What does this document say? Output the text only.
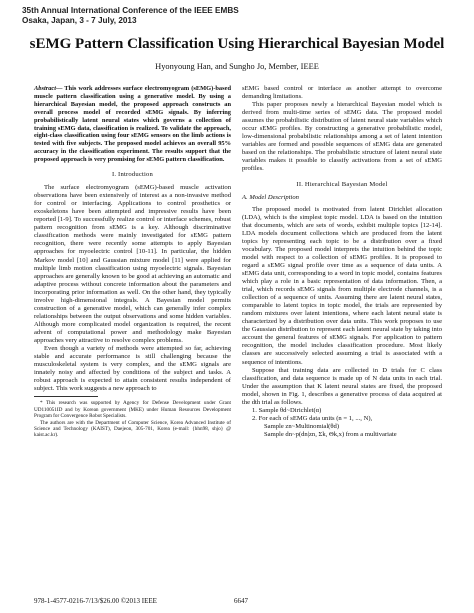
35th Annual International Conference of the IEEE EMBS
Osaka, Japan, 3 - 7 July, 2013
sEMG Pattern Classification Using Hierarchical Bayesian Model
Hyonyoung Han, and Sungho Jo, Member, IEEE

Abstract— This work addresses surface electromyogram (sEMG)-based muscle pattern classification using a generative model. By using a hierarchical Bayesian model, the proposed approach constructs an overall process model of recorded sEMG signals. By inferring probabilistically latent neural states which governs a collection of training sEMG data, classification is realized. To validate the approach, eight-class classification using four sEMG sensors on the limb actions is tested with five subjects. The proposed model achieves an overall 95% accuracy in the classification experiment. The results support that the proposed approach is very promising for sEMG pattern classification.

I. Introduction

The surface electromyogram (sEMG)-based muscle activation observations have been extensively of interest as a non-invasive method for control or interfacing. Applications to control prosthetics or exoskeletons have been attempted and impressive results have been reported [1-9]. To successfully realize control or interface schemes, robust pattern recognition from sEMG is a key. Although discriminative classification methods were mainly investigated for sEMG pattern recognition, there were recently some attempts to apply Bayesian approaches for myoelectric control [10-11]. In particular, the hidden Markov model [10] and Gaussian mixture model [11] were applied for multiple limb motion classification using myoelectric signals. Bayesian approaches are generally known to be good at achieving an automatic and adaptive process without concrete information about the parameters and incorporating prior information as well. On the other hand, they typically involve high-dimensional integrals. A Bayesian model permits construction of a generative model, which can generally infer complex relationships between the output observations and some hidden variables. Although more complicated model organization is required, the recent advent of computational power and methodology make Bayesian approaches very attractive to resolve complex problems.

Even though a variety of methods were attempted so far, achieving stable and accurate performance is still challenging because the musculoskeletal system is very complex, and the sEMG signals are innately noisy and affected by conditions of the subject and tasks. A robust approach is expected to attain consistent results independent of subject. This work suggests a new approach to

* This research was supported by Agency for Defense Development under Grant UD110051ID and by Korean government (MKE) under Human Resources Development Program for Convergence Robot Specialists.

The authors are with the Department of Computer Science, Korea Advanced Institute of Science and Technology (KAIST), Daejeon, 305-701, Korea (e-mail: {hhn98, shjo} @ kaist.ac.kr).

sEMG based control or interface as another attempt to overcome demanding limitations.

This paper proposes newly a hierarchical Bayesian model which is derived from multi-time series of sEMG data. The proposed model assumes the probabilistic distribution of latent neural state variables which occur sEMG profiles. By constructing a generative probabilistic model, low-dimensional probabilistic relationships among a set of latent intention variables are formed and possible sequences of sEMG data are generated based on the relationships. The probabilistic structure of latent neural state variables makes it possible to classify activations from a set of sEMG profiles.

II. Hierarchical Bayesian Model
A. Model Description

The proposed model is motivated from latent Dirichlet allocation (LDA), which is the simplest topic model. LDA is based on the intuition that documents, which are sets of words, exhibit multiple topics [12-14]. LDA models document collections which are produced from the latent topics by representing each topic to be a distribution over a fixed vocabulary. The proposed model interprets the intuition behind the topic model with respect to a collection of sEMG profiles. It is proposed to regard a sEMG signal profile over time as a sequence of data units. A sEMG data unit, corresponding to a word in topic model, contains features which play a role in a basic representation of data information. Then, a trial, which records sEMG signals from multiple electrode channels, is a collection of a sequence of units. Assuming there are latent neural states, comparable to latent topics in topic model, the trials are represented by random mixtures over latent intentions, where each latent neural state is characterized by a distribution over data units. This work proposes to use the Gaussian distribution to represent each latent neural state by taking into account the general features of sEMG signals. For application to pattern recognition, the model includes classification procedure. Most likely classes are successively selected assuming a trial is associated with a sequence of intentions.

Suppose that training data are collected in D trials for C class classification, and data sequence is made up of N data units in each trial. Under the assumption that K latent neural states are fixed, the proposed model, shown in Fig. 1, describes a generative process of data acquired at the dth trial as follows.

1. Sample θd~Dirichlet(α)
2. For each of sEMG data units (n = 1, ..., N),
Sample zn~Multinomial(θd)
Sample dn~p(dn|zn, Σk, Θk,x) from a multivariate
978-1-4577-0216-7/13/$26.00 ©2013 IEEE	6647
